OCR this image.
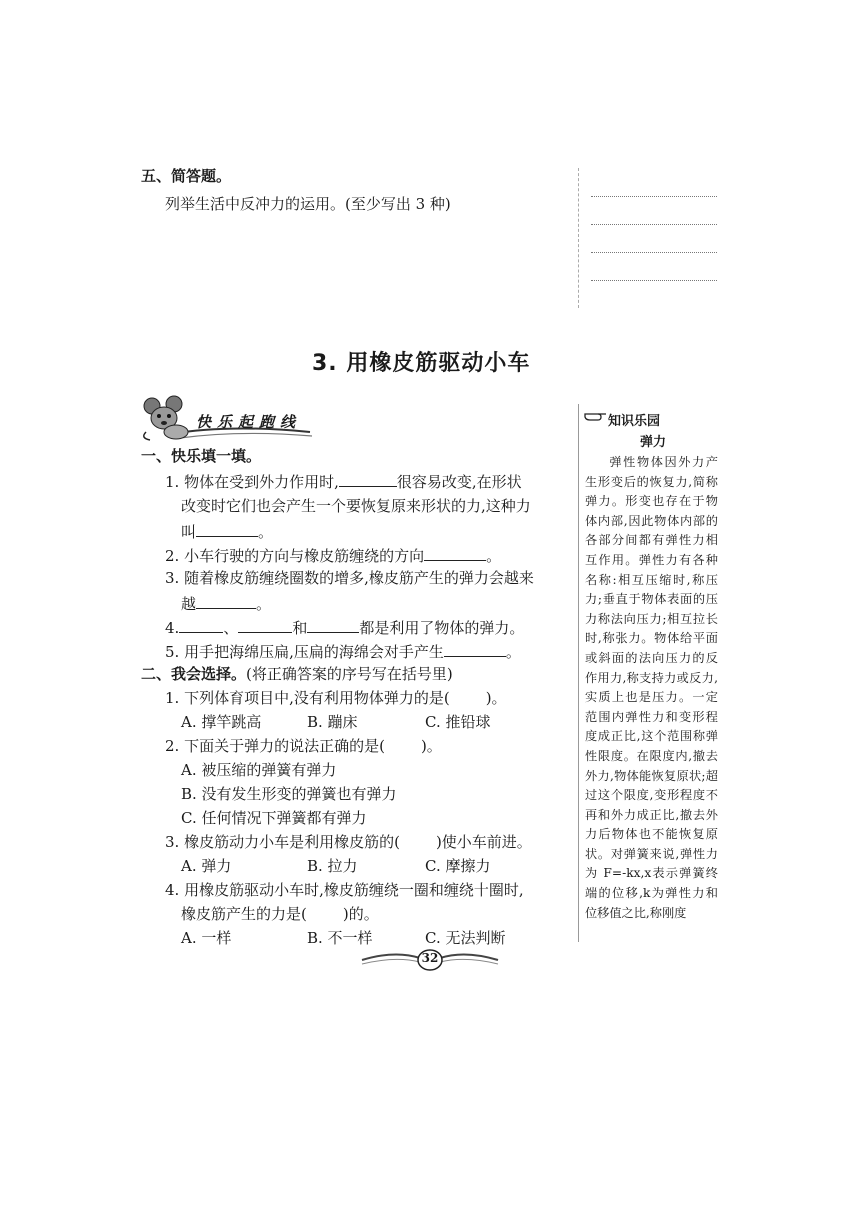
五、简答题。
列举生活中反冲力的运用。(至少写出 3 种)
3. 用橡皮筋驱动小车
快乐起跑线
一、快乐填一填。
1. 物体在受到外力作用时,	很容易改变,在形状
改变时它们也会产生一个要恢复原来形状的力,这种力
叫	。
2. 小车行驶的方向与橡皮筋缠绕的方向	。
3. 随着橡皮筋缠绕圈数的增多,橡皮筋产生的弹力会越来
越	。
4.	、	和	都是利用了物体的弹力。
5. 用手把海绵压扁,压扁的海绵会对手产生	。
二、我会选择。(将正确答案的序号写在括号里)
1. 下列体育项目中,没有利用物体弹力的是( )。
A. 撑竿跳高	B. 蹦床	C. 推铅球
2. 下面关于弹力的说法正确的是( )。
A. 被压缩的弹簧有弹力
B. 没有发生形变的弹簧也有弹力
C. 任何情况下弹簧都有弹力
3. 橡皮筋动力小车是利用橡皮筋的( )使小车前进。
A. 弹力	B. 拉力	C. 摩擦力
4. 用橡皮筋驱动小车时,橡皮筋缠绕一圈和缠绕十圈时,
橡皮筋产生的力是( )的。
A. 一样	B. 不一样	C. 无法判断
知识乐园
弹力
弹性物体因外力产生形变后的恢复力,简称弹力。形变也存在于物体内部,因此物体内部的各部分间都有弹性力相互作用。弹性力有各种名称:相互压缩时,称压力;垂直于物体表面的压力称法向压力;相互拉长时,称张力。物体给平面或斜面的法向压力的反作用力,称支持力或反力,实质上也是压力。一定范围内弹性力和变形程度成正比,这个范围称弹性限度。在限度内,撤去外力,物体能恢复原状;超过这个限度,变形程度不再和外力成正比,撤去外力后物体也不能恢复原状。对弹簧来说,弹性力为 F=-kx,x表示弹簧终端的位移,k为弹性力和位移值之比,称刚度
32
